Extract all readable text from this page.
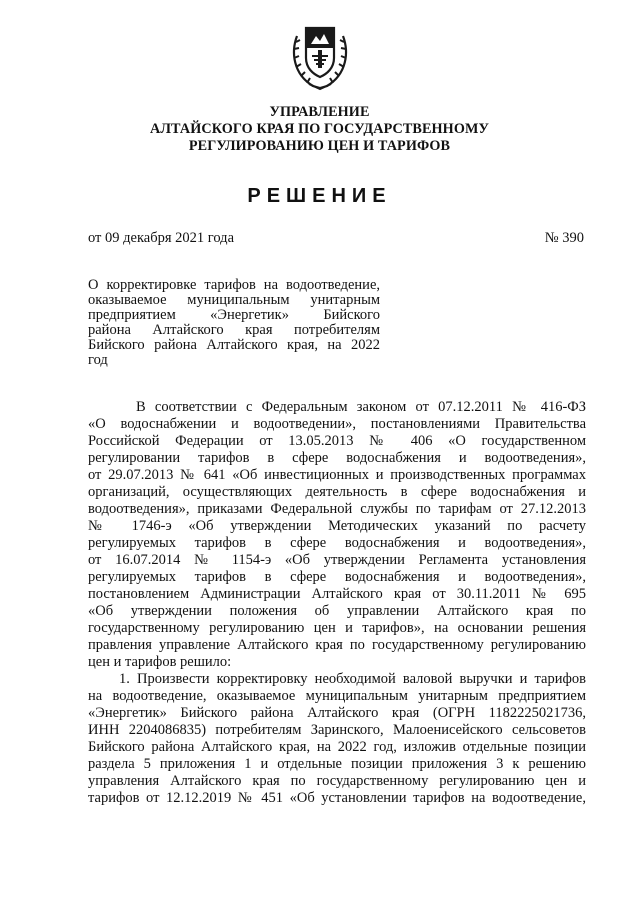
УПРАВЛЕНИЕ
АЛТАЙСКОГО КРАЯ ПО ГОСУДАРСТВЕННОМУ
РЕГУЛИРОВАНИЮ ЦЕН И ТАРИФОВ
РЕШЕНИЕ
от 09 декабря 2021 года	№ 390
О корректировке тарифов на водоотведение,
оказываемое муниципальным унитарным
предприятием «Энергетик» Бийского
района Алтайского края потребителям
Бийского района Алтайского края, на 2022
год
В соответствии с Федеральным законом от 07.12.2011 № 416-ФЗ
«О водоснабжении и водоотведении», постановлениями Правительства
Российской Федерации от 13.05.2013 № 406 «О государственном
регулировании тарифов в сфере водоснабжения и водоотведения»,
от 29.07.2013 № 641 «Об инвестиционных и производственных программах
организаций, осуществляющих деятельность в сфере водоснабжения и
водоотведения», приказами Федеральной службы по тарифам от 27.12.2013
№ 1746-э «Об утверждении Методических указаний по расчету
регулируемых тарифов в сфере водоснабжения и водоотведения»,
от 16.07.2014 № 1154-э «Об утверждении Регламента установления
регулируемых тарифов в сфере водоснабжения и водоотведения»,
постановлением Администрации Алтайского края от 30.11.2011 № 695
«Об утверждении положения об управлении Алтайского края по
государственному регулированию цен и тарифов», на основании решения
правления управление Алтайского края по государственному регулированию
цен и тарифов решило:
1. Произвести корректировку необходимой валовой выручки и тарифов
на водоотведение, оказываемое муниципальным унитарным предприятием
«Энергетик» Бийского района Алтайского края (ОГРН 1182225021736,
ИНН 2204086835) потребителям Заринского, Малоенисейского сельсоветов
Бийского района Алтайского края, на 2022 год, изложив отдельные позиции
раздела 5 приложения 1 и отдельные позиции приложения 3 к решению
управления Алтайского края по государственному регулированию цен и
тарифов от 12.12.2019 № 451 «Об установлении тарифов на водоотведение,
